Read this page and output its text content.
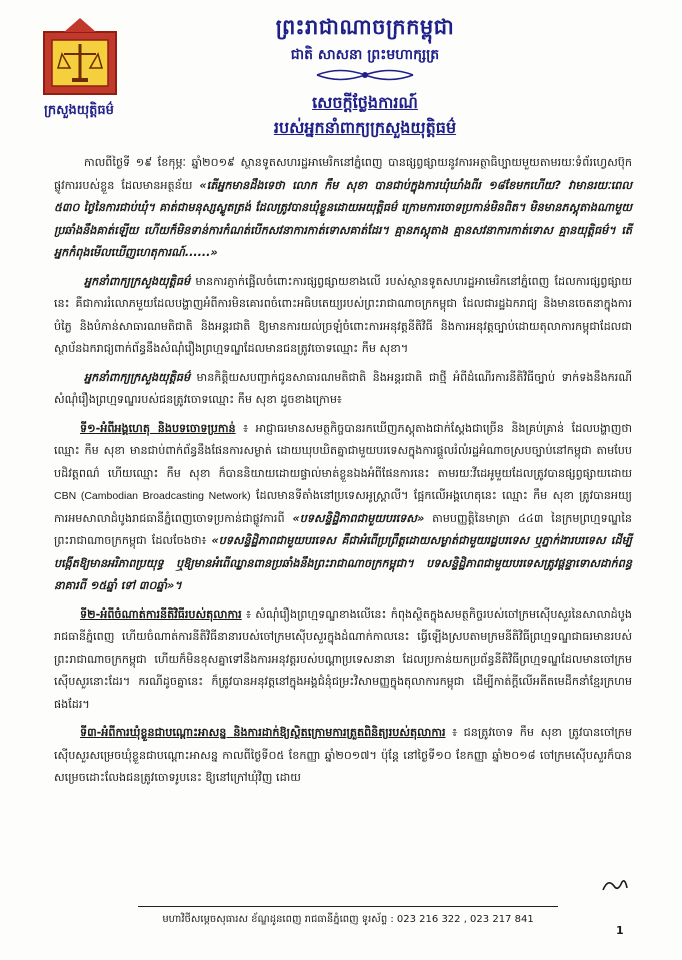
ក្រសួងយុត្តិធម៌
ព្រះរាជាណាចក្រកម្ពុជា
ជាតិ សាសនា ព្រះមហាក្សត្រ
សេចក្តីថ្លែងការណ៍
របស់អ្នកនាំពាក្យក្រសួងយុត្តិធម៌

កាលពីថ្ងៃទី ១៩ ខែកុម្ភៈ ឆ្នាំ២០១៩ ស្ថានទូតសហរដ្ឋអាមេរិកនៅភ្នំពេញ បានផ្សព្វផ្សាយនូវការអត្ថាធិប្បាយមួយតាមរយៈទំព័រហ្វេសប៊ុកផ្លូវការរបស់ខ្លួន ដែលមានអត្ថន័យ «តើអ្នកមានដឹងទេថា លោក កឹម សុខា បានជាប់ក្នុងការឃុំឃាំងពីរ ១៨ខែមកហើយ? វាមានរយៈពេល ៥៣០ ថ្ងៃនៃការជាប់ឃុំ។ គាត់ជាមនុស្សស្លូតត្រង់ ដែលត្រូវបានឃុំខ្លួនដោយអយុត្តិធម៌ ក្រោមការចោទប្រកាន់មិនពិត។ មិនមានភស្តុតាងណាមួយប្រឆាំងនឹងគាត់ឡើយ ហើយក៏មិនទាន់ការកំណត់បើកសវនាការកាត់ទោសគាត់ដែរ។ គ្មានភស្តុតាង គ្មានសវនាការកាត់ទោស គ្មានយុត្តិធម៌។ តើអ្នកកំពុងមើលឃើញហេតុការណ៍......»

អ្នកនាំពាក្យក្រសួងយុត្តិធម៌ មានការភ្ញាក់ផ្អើលចំពោះការផ្សព្វផ្សាយខាងលើ របស់ស្ថានទូតសហរដ្ឋអាមេរិកនៅភ្នំពេញ ដែលការផ្សព្វផ្សាយនេះ គឺជាការរំលោភមួយដែលបង្ហាញអំពីការមិនគោរពចំពោះអធិបតេយ្យរបស់ព្រះរាជាណាចក្រកម្ពុជា ដែលជារដ្ឋឯករាជ្យ និងមានចេតនាក្នុងការបំភ្លៃ និងបំភាន់សាធារណមតិជាតិ និងអន្តរជាតិ ឱ្យមានការយល់ច្រឡំចំពោះការអនុវត្តនីតិវិធី និងការអនុវត្តច្បាប់ដោយតុលាការកម្ពុជាដែលជាស្ថាប័នឯករាជ្យពាក់ព័ន្ធនឹងសំណុំរឿងព្រហ្មទណ្ឌដែលមានជនត្រូវចោទឈ្មោះ កឹម សុខា។

អ្នកនាំពាក្យក្រសួងយុត្តិធម៌ មានកិត្តិយសបញ្ជាក់ជូនសាធារណមតិជាតិ និងអន្តរជាតិ ជាថ្មី អំពីដំណើរការនីតិវិធីច្បាប់ ទាក់ទងនឹងករណីសំណុំរឿងព្រហ្មទណ្ឌរបស់ជនត្រូវចោទឈ្មោះ កឹម សុខា ដូចខាងក្រោម៖

ទី១-អំពីអង្គហេតុ និងបទចោទប្រកាន់ ៖ អាជ្ញាធរមានសមត្ថកិច្ចបានរកឃើញភស្តុតាងជាក់ស្តែងជាច្រើន និងគ្រប់គ្រាន់ ដែលបង្ហាញថា ឈ្មោះ កឹម សុខា មានជាប់ពាក់ព័ន្ធនឹងផែនការសម្ងាត់ ដោយឃុបឃិតគ្នាជាមួយបរទេសក្នុងការផ្តួលរំលំរដ្ឋអំណាចស្របច្បាប់នៅកម្ពុជា តាមបែបបដិវត្តពណ៌ ហើយឈ្មោះ កឹម សុខា ក៏បាននិយាយដោយផ្ទាល់មាត់ខ្លួនឯងអំពីផែនការនេះ តាមរយៈវីដេអូមួយដែលត្រូវបានផ្សព្វផ្សាយដោយ CBN (Cambodian Broadcasting Network) ដែលមានទីតាំងនៅប្រទេសអូស្រ្តាលី។ ផ្អែកលើអង្គហេតុនេះ ឈ្មោះ កឹម សុខា ត្រូវបានអយ្យការអមសាលាដំបូងរាជធានីភ្នំពេញចោទប្រកាន់ជាផ្លូវការពី «បទសន្ទិដ្ឋិភាពជាមួយបរទេស» តាមបញ្ញត្តិនៃមាត្រា ៤៤៣ នៃក្រមព្រហ្មទណ្ឌនៃព្រះរាជាណាចក្រកម្ពុជា ដែលចែងថា៖ «បទសន្ទិដ្ឋិភាពជាមួយបរទេស គឺជាអំពើប្រព្រឹត្តដោយសម្ងាត់ជាមួយរដ្ឋបរទេស ឬភ្នាក់ងារបរទេស ដើម្បីបង្កើតឱ្យមានអរិភាពប្រយុទ្ធ ឬឱ្យមានអំពើឈ្លានពានប្រឆាំងនឹងព្រះរាជាណាចក្រកម្ពុជា។ បទសន្ទិដ្ឋិភាពជាមួយបរទេសត្រូវផ្តន្ទាទោសដាក់ពន្ធនាគារពី ១៥ឆ្នាំ ទៅ ៣០ឆ្នាំ»។

ទី២-អំពីចំណាត់ការនីតិវិធីរបស់តុលាការ ៖ សំណុំរឿងព្រហ្មទណ្ឌខាងលើនេះ កំពុងស្ថិតក្នុងសមត្ថកិច្ចរបស់ចៅក្រមស៊ើបសួរនៃសាលាដំបូងរាជធានីភ្នំពេញ ហើយចំណាត់ការនីតិវិធីនានារបស់ចៅក្រមស៊ើបសួរក្នុងដំណាក់កាលនេះ ធ្វើឡើងស្របតាមក្រមនីតិវិធីព្រហ្មទណ្ឌជាធរមានរបស់ព្រះរាជាណាចក្រកម្ពុជា ហើយក៏មិនខុសគ្នាទៅនឹងការអនុវត្តរបស់បណ្តាប្រទេសនានា ដែលប្រកាន់យកប្រព័ន្ធនីតិវិធីព្រហ្មទណ្ឌដែលមានចៅក្រមស៊ើបសួរនោះដែរ។ ករណីដូចគ្នានេះ ក៏ត្រូវបានអនុវត្តនៅក្នុងអង្គជំនុំជម្រះវិសាមញ្ញក្នុងតុលាការកម្ពុជា ដើម្បីកាត់ក្តីលើអតីតមេដឹកនាំខ្មែរក្រហមផងដែរ។

ទី៣-អំពីការឃុំខ្លួនជាបណ្តោះអាសន្ន និងការដាក់ឱ្យស្ថិតក្រោមការត្រួតពិនិត្យរបស់តុលាការ ៖ ជនត្រូវចោទ កឹម សុខា ត្រូវបានចៅក្រមស៊ើបសួរសម្រេចឃុំខ្លួនជាបណ្តោះអាសន្ន កាលពីថ្ងៃទី០៥ ខែកញ្ញា ឆ្នាំ២០១៧។ ប៉ុន្តែ នៅថ្ងៃទី១០ ខែកញ្ញា ឆ្នាំ២០១៨ ចៅក្រមស៊ើបសួរក៏បានសម្រេចដោះលែងជនត្រូវចោទរូបនេះ ឱ្យនៅក្រៅឃុំវិញ ដោយ

មហាវិថីសម្តេចសុធារស ខ័ណ្ឌដូនពេញ រាជធានីភ្នំពេញ ទូរស័ព្ទ : 023 216 322 , 023 217 841
1
